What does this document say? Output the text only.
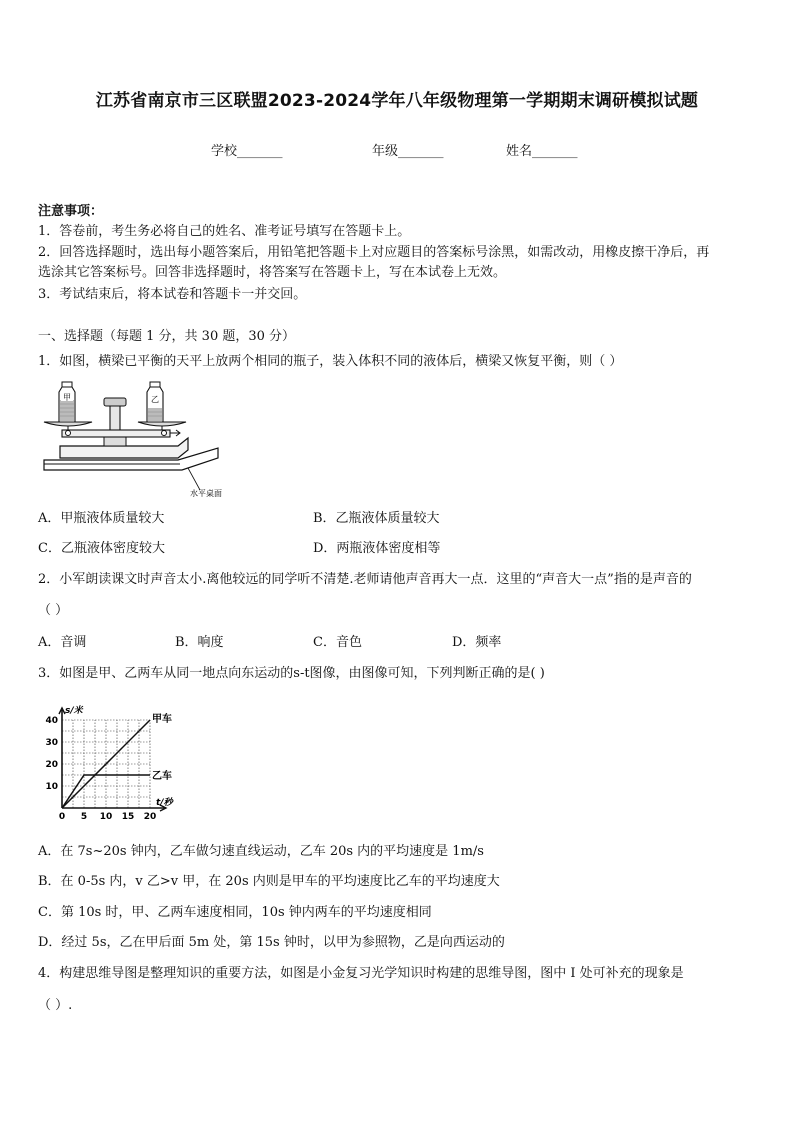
江苏省南京市三区联盟2023-2024学年八年级物理第一学期期末调研模拟试题
学校_______	年级_______	姓名_______
注意事项：
1．答卷前，考生务必将自己的姓名、准考证号填写在答题卡上。
2．回答选择题时，选出每小题答案后，用铅笔把答题卡上对应题目的答案标号涂黑，如需改动，用橡皮擦干净后，再
选涂其它答案标号。回答非选择题时，将答案写在答题卡上，写在本试卷上无效。
3．考试结束后，将本试卷和答题卡一并交回。
一、选择题（每题 1 分，共 30 题，30 分）
1．如图，横梁已平衡的天平上放两个相同的瓶子，装入体积不同的液体后，横梁又恢复平衡，则（ ）
甲	乙
水平桌面
A．甲瓶液体质量较大	B．乙瓶液体质量较大
C．乙瓶液体密度较大	D．两瓶液体密度相等
2．小军朗读课文时声音太小.离他较远的同学听不清楚.老师请他声音再大一点．这里的“声音大一点”指的是声音的
（ ）
A．音调	B．响度	C．音色	D．频率
3．如图是甲、乙两车从同一地点向东运动的s-t图像，由图像可知，下列判断正确的是( )
0 5 10 15 20
10
20
30
40
s/米
t/秒
甲车
乙车
A．在 7s~20s 钟内，乙车做匀速直线运动，乙车 20s 内的平均速度是 1m/s
B．在 0-5s 内，v 乙>v 甲，在 20s 内则是甲车的平均速度比乙车的平均速度大
C．第 10s 时，甲、乙两车速度相同，10s 钟内两车的平均速度相同
D．经过 5s，乙在甲后面 5m 处，第 15s 钟时，以甲为参照物，乙是向西运动的
4．构建思维导图是整理知识的重要方法，如图是小金复习光学知识时构建的思维导图，图中 I 处可补充的现象是
（ ）.
